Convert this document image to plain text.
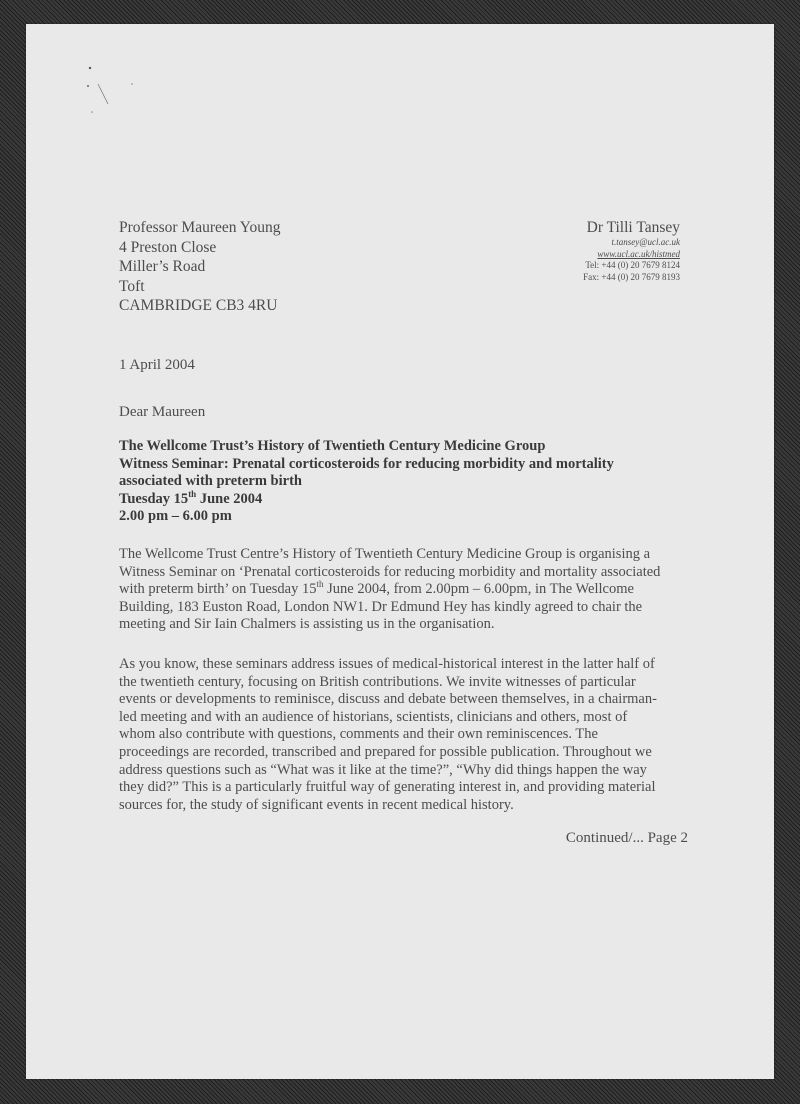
Professor Maureen Young
4 Preston Close
Miller’s Road
Toft
CAMBRIDGE CB3 4RU
Dr Tilli Tansey
t.tansey@ucl.ac.uk
www.ucl.ac.uk/histmed
Tel: +44 (0) 20 7679 8124
Fax: +44 (0) 20 7679 8193
1 April 2004
Dear Maureen
The Wellcome Trust’s History of Twentieth Century Medicine Group
Witness Seminar: Prenatal corticosteroids for reducing morbidity and mortality
associated with preterm birth
Tuesday 15th June 2004
2.00 pm – 6.00 pm
The Wellcome Trust Centre’s History of Twentieth Century Medicine Group is organising a
Witness Seminar on ‘Prenatal corticosteroids for reducing morbidity and mortality associated
with preterm birth’ on Tuesday 15th June 2004, from 2.00pm – 6.00pm, in The Wellcome
Building, 183 Euston Road, London NW1. Dr Edmund Hey has kindly agreed to chair the
meeting and Sir Iain Chalmers is assisting us in the organisation.
As you know, these seminars address issues of medical-historical interest in the latter half of
the twentieth century, focusing on British contributions. We invite witnesses of particular
events or developments to reminisce, discuss and debate between themselves, in a chairman-
led meeting and with an audience of historians, scientists, clinicians and others, most of
whom also contribute with questions, comments and their own reminiscences. The
proceedings are recorded, transcribed and prepared for possible publication. Throughout we
address questions such as “What was it like at the time?”, “Why did things happen the way
they did?” This is a particularly fruitful way of generating interest in, and providing material
sources for, the study of significant events in recent medical history.
Continued/... Page 2
